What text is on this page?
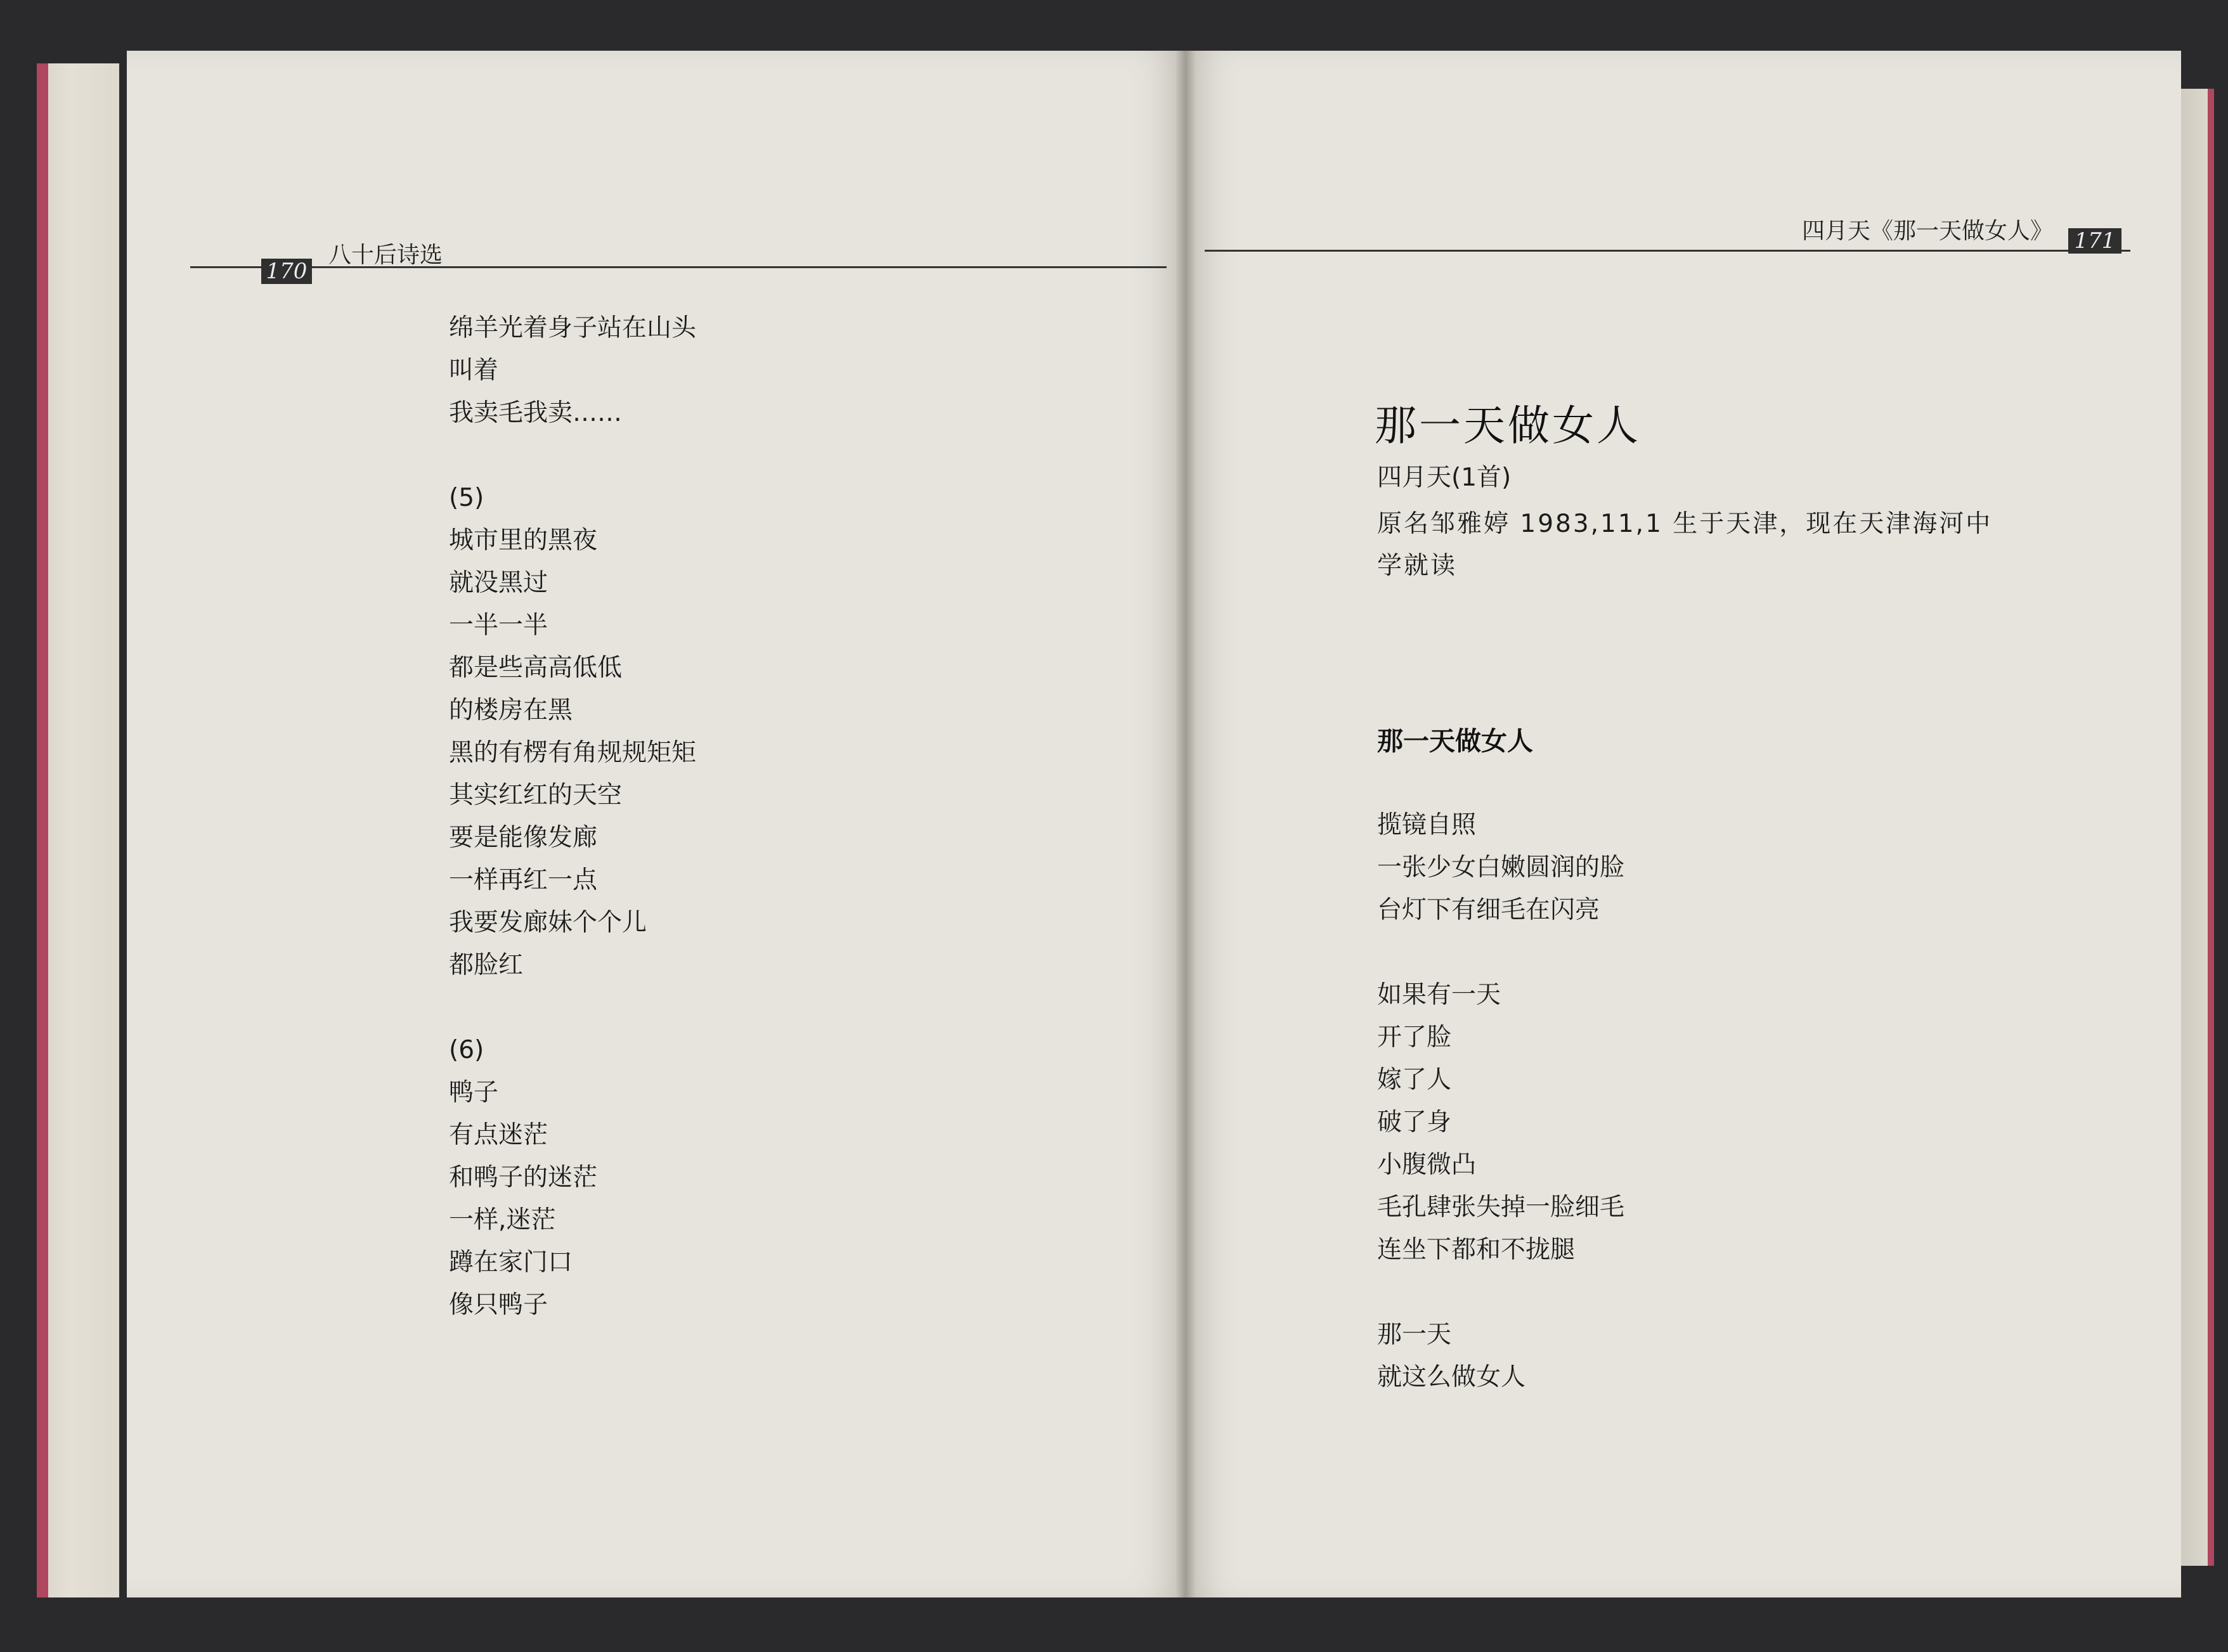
170
八十后诗选
四月天《那一天做女人》 171
绵羊光着身子站在山头
叫着
我卖毛我卖……
(5)
城市里的黑夜
就没黑过
一半一半
都是些高高低低
的楼房在黑
黑的有楞有角规规矩矩
其实红红的天空
要是能像发廊
一样再红一点
我要发廊妹个个儿
都脸红
(6)
鸭子
有点迷茫
和鸭子的迷茫
一样,迷茫
蹲在家门口
像只鸭子
那一天做女人
四月天(1首)
原名邹雅婷 1983,11,1 生于天津，现在天津海河中学就读
那一天做女人
揽镜自照
一张少女白嫩圆润的脸
台灯下有细毛在闪亮
如果有一天
开了脸
嫁了人
破了身
小腹微凸
毛孔肆张失掉一脸细毛
连坐下都和不拢腿
那一天
就这么做女人
